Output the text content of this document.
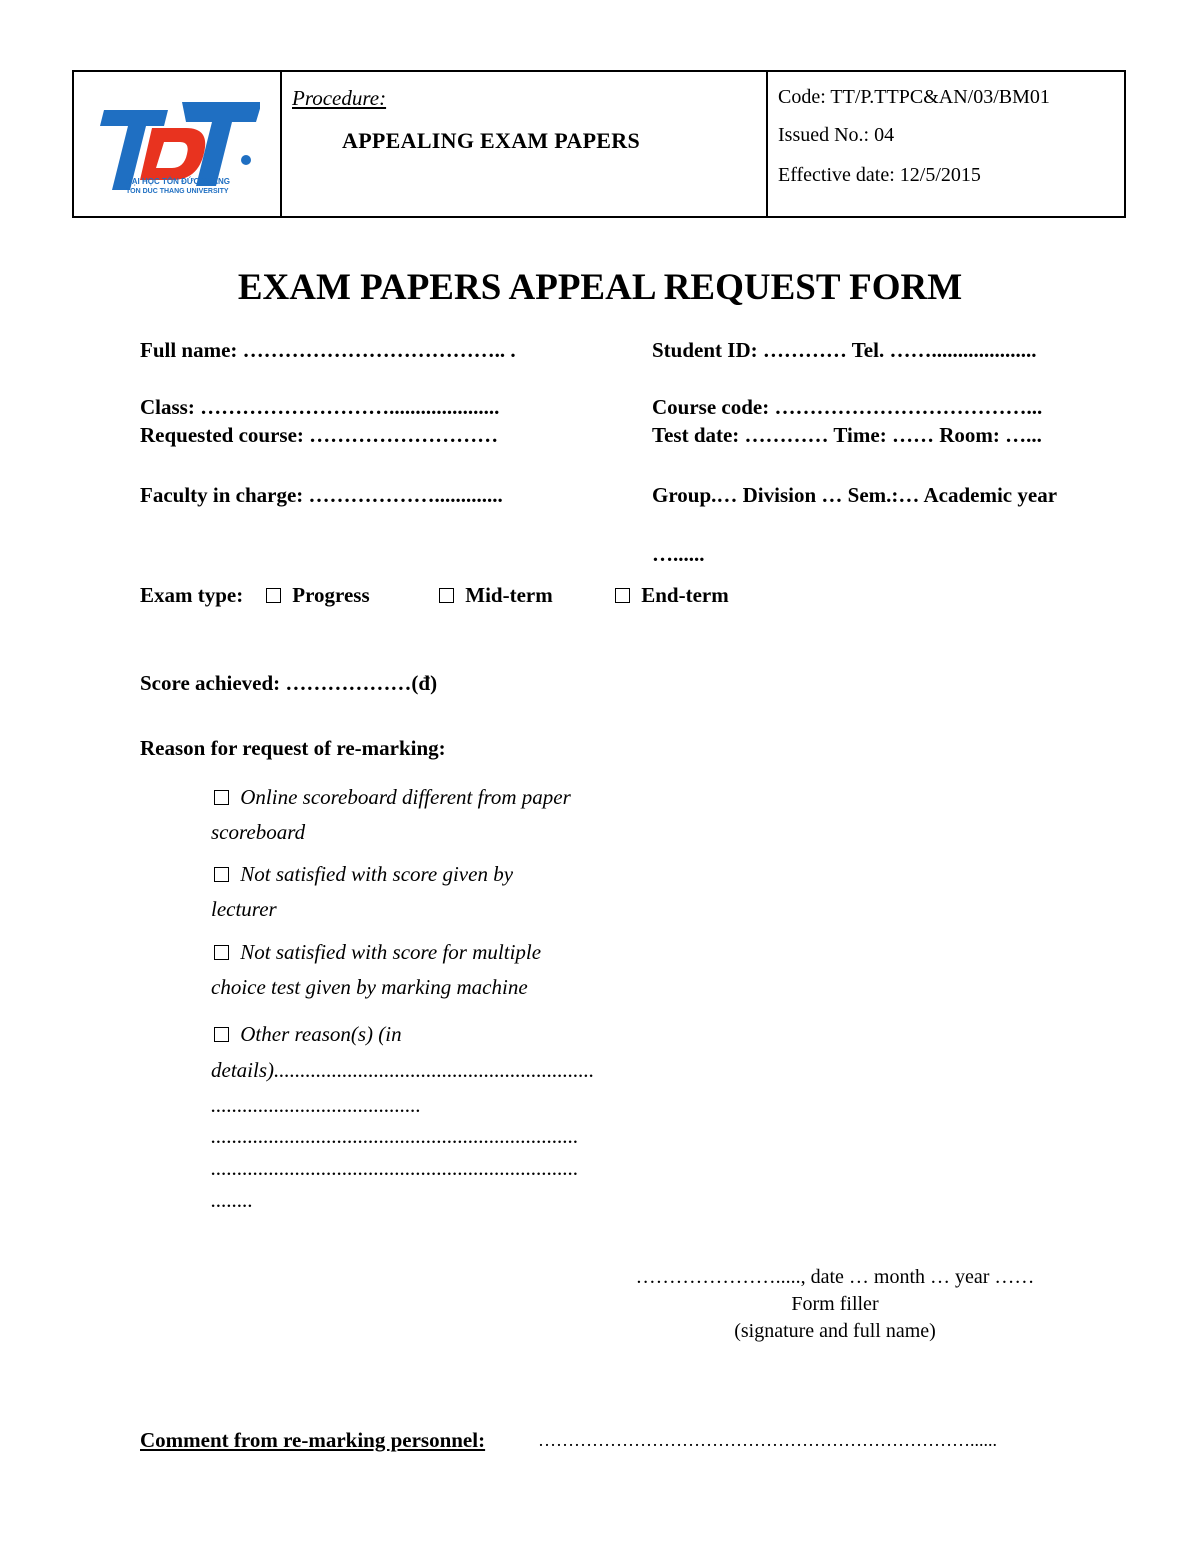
ĐẠI HỌC TÔN ĐỨC THẮNG
TON DUC THANG UNIVERSITY
Procedure:
APPEALING EXAM PAPERS
Code: TT/P.TTPC&AN/03/BM01
Issued No.: 04
Effective date: 12/5/2015
EXAM PAPERS APPEAL REQUEST FORM
Full name: ……………………………….. .	Student ID: ………… Tel. ……....................
Class: ……………………….....................	Course code: ………………………………...
Requested course: ………………………	Test date: ………… Time: …… Room: …...
Faculty in charge: ……………….............	Group.… Division … Sem.:… Academic year
…......
Exam type:	Progress	Mid-term	End-term
Score achieved: ………………(đ)
Reason for request of re-marking:
Online scoreboard different from paper
scoreboard
Not satisfied with score given by
lecturer
Not satisfied with score for multiple
choice test given by marking machine
Other reason(s) (in
details).............................................................
........................................
......................................................................
......................................................................
........
…………………....., date … month … year ……
Form filler
(signature and full name)
Comment from re-marking personnel:	………………………………………………………………......
